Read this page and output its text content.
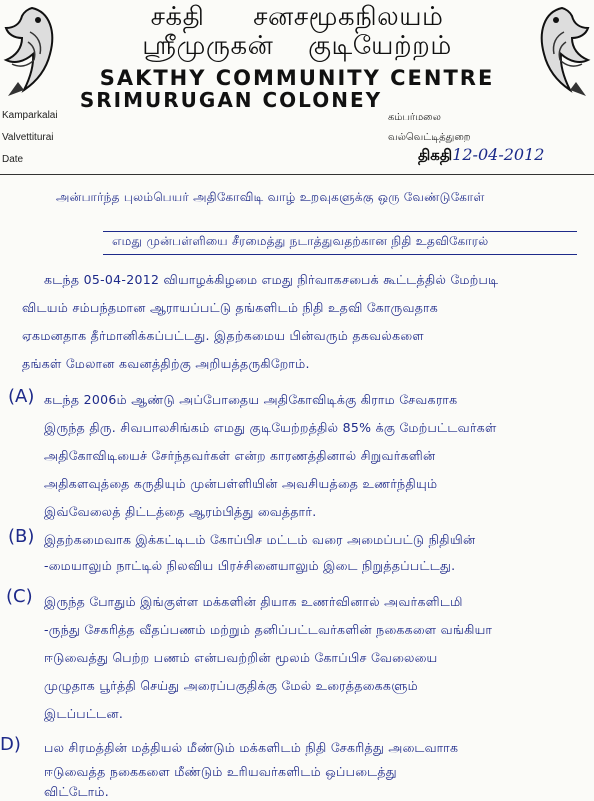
சக்தி சனசமூகநிலயம்
ஸ்ரீமுருகன் குடியேற்றம்
SAKTHY COMMUNITY CENTRE
SRIMURUGAN COLONEY
Kamparkalai
Valvettiturai
Date
கம்பர்மலை
வல்வெட்டித்துறை
திகதி12-04-2012
அன்பார்ந்த புலம்பெயர் அதிகோவிடி வாழ் உறவுகளுக்கு ஒரு வேண்டுகோள்
எமது முன்பள்ளியை சீரமைத்து நடாத்துவதற்கான நிதி உதவிகோரல்
கடந்த 05-04-2012 வியாழக்கிழமை எமது நிர்வாகசபைக் கூட்டத்தில் மேற்படி
விடயம் சம்பந்தமான ஆராயப்பட்டு தங்களிடம் நிதி உதவி கோருவதாக
ஏகமனதாக தீர்மானிக்கப்பட்டது. இதற்கமைய பின்வரும் தகவல்களை
தங்கள் மேலான கவனத்திற்கு அறியத்தருகிறோம்.
(A) கடந்த 2006ம் ஆண்டு அப்போதைய அதிகோவிடிக்கு கிராம சேவகராக
இருந்த திரு. சிவபாலசிங்கம் எமது குடியேற்றத்தில் 85% க்கு மேற்பட்டவர்கள்
அதிகோவிடியைச் சேர்ந்தவர்கள் என்ற காரணத்தினால் சிறுவர்களின்
அதிகளவுத்தை கருதியும் முன்பள்ளியின் அவசியத்தை உணர்ந்தியும்
இவ்வேலைத் திட்டத்தை ஆரம்பித்து வைத்தார்.
(B) இதற்கமைவாக இக்கட்டிடம் கோப்பிச மட்டம் வரை அமைப்பட்டு நிதியின்
-மையாலும் நாட்டில் நிலவிய பிரச்சினையாலும் இடை நிறுத்தப்பட்டது.
(C) இருந்த போதும் இங்குள்ள மக்களின் தியாக உணர்வினால் அவர்களிடமி
-ருந்து சேகரித்த வீதப்பணம் மற்றும் தனிப்பட்டவர்களின் நகைகளை வங்கியா
ஈடுவைத்து பெற்ற பணம் என்பவற்றின் மூலம் கோப்பிச வேலையை
முழுதாக பூர்த்தி செய்து அரைப்பகுதிக்கு மேல் உரைத்தகைகளும்
இடப்பட்டன.
D) பல சிரமத்தின் மத்தியல் மீண்டும் மக்களிடம் நிதி சேகரித்து அடைவாாக
ஈடுவைத்த நகைகளை மீண்டும் உரியவர்களிடம் ஒப்படைத்து
விட்டோம்.
